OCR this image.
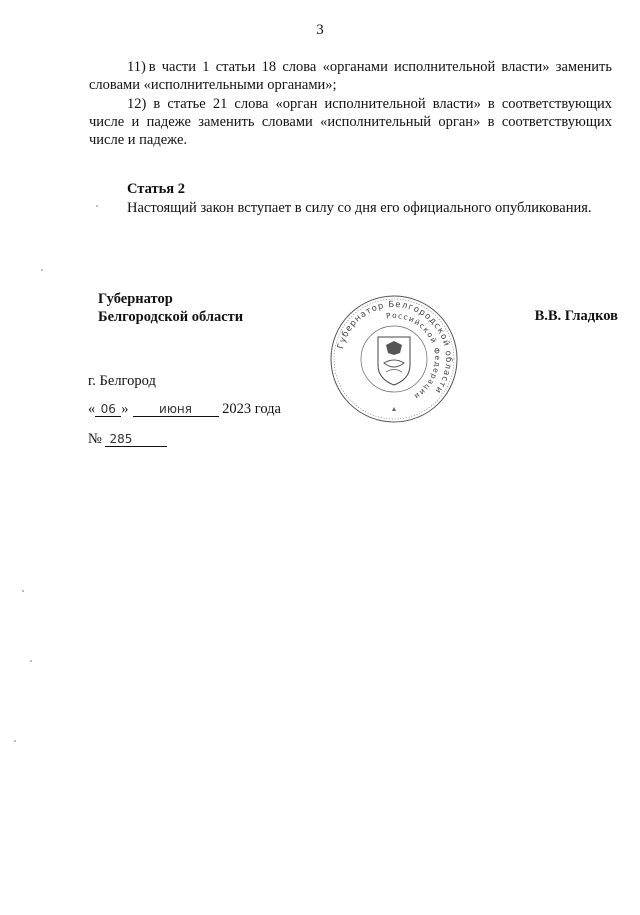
3
11) в части 1 статьи 18 слова «органами исполнительной власти» заменить словами «исполнительными органами»;
12) в статье 21 слова «орган исполнительной власти» в соответствующих числе и падеже заменить словами «исполнительный орган» в соответствующих числе и падеже.
Статья 2
Настоящий закон вступает в силу со дня его официального опубликования.
Губернатор
Белгородской области
Губернатор Белгородской области
Российской Федерации
В.В. Гладков
г. Белгород
« 06 »	июня 2023 года
№ 285
